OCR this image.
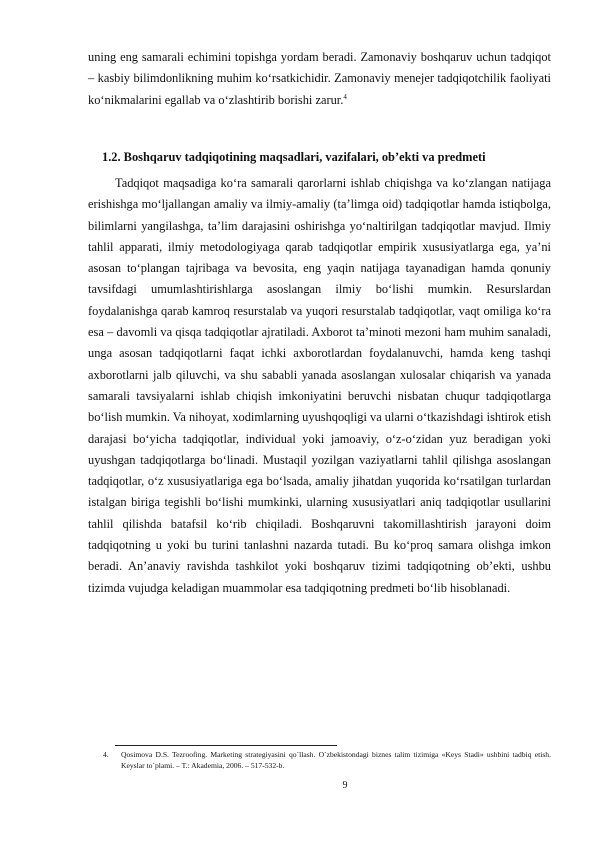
uning eng samarali echimini topishga yordam beradi. Zamonaviy boshqaruv uchun tadqiqot – kasbiy bilimdonlikning muhim ko‘rsatkichidir. Zamonaviy menejer tadqiqotchilik faoliyati ko‘nikmalarini egallab va o‘zlashtirib borishi zarur.$^4$

1.2. Boshqaruv tadqiqotining maqsadlari, vazifalari, ob’ekti va predmeti

Tadqiqot maqsadiga ko‘ra samarali qarorlarni ishlab chiqishga va ko‘zlangan natijaga erishishga mo‘ljallangan amaliy va ilmiy-amaliy (ta’limga oid) tadqiqotlar hamda istiqbolga, bilimlarni yangilashga, ta’lim darajasini oshirishga yo‘naltirilgan tadqiqotlar mavjud. Ilmiy tahlil apparati, ilmiy metodologiyaga qarab tadqiqotlar empirik xususiyatlarga ega, ya’ni asosan to‘plangan tajribaga va bevosita, eng yaqin natijaga tayanadigan hamda qonuniy tavsifdagi umumlashtirishlarga asoslangan ilmiy bo‘lishi mumkin. Resurslardan foydalanishga qarab kamroq resurstalab va yuqori resurstalab tadqiqotlar, vaqt omiliga ko‘ra esa – davomli va qisqa tadqiqotlar ajratiladi. Axborot ta’minoti mezoni ham muhim sanaladi, unga asosan tadqiqotlarni faqat ichki axborotlardan foydalanuvchi, hamda keng tashqi axborotlarni jalb qiluvchi, va shu sababli yanada asoslangan xulosalar chiqarish va yanada samarali tavsiyalarni ishlab chiqish imkoniyatini beruvchi nisbatan chuqur tadqiqotlarga bo‘lish mumkin. Va nihoyat, xodimlarning uyushqoqligi va ularni o‘tkazishdagi ishtirok etish darajasi bo‘yicha tadqiqotlar, individual yoki jamoaviy, o‘z-o‘zidan yuz beradigan yoki uyushgan tadqiqotlarga bo‘linadi. Mustaqil yozilgan vaziyatlarni tahlil qilishga asoslangan tadqiqotlar, o‘z xususiyatlariga ega bo‘lsada, amaliy jihatdan yuqorida ko‘rsatilgan turlardan istalgan biriga tegishli bo‘lishi mumkinki, ularning xususiyatlari aniq tadqiqotlar usullarini tahlil qilishda batafsil ko‘rib chiqiladi. Boshqaruvni takomillashtirish jarayoni doim tadqiqotning u yoki bu turini tanlashni nazarda tutadi. Bu ko‘proq samara olishga imkon beradi. An’anaviy ravishda tashkilot yoki boshqaruv tizimi tadqiqotning ob’ekti, ushbu tizimda vujudga keladigan muammolar esa tadqiqotning predmeti bo‘lib hisoblanadi.

4.	Qosimova D.S. Tezroofing. Marketing strategiyasini qo`llash. O`zbekistondagi biznes talim tizimiga «Keys Stadi» ushbini tadbiq etish. Keyslar to`plami. – T.: Akademia, 2006. – 517-532-b.

9
